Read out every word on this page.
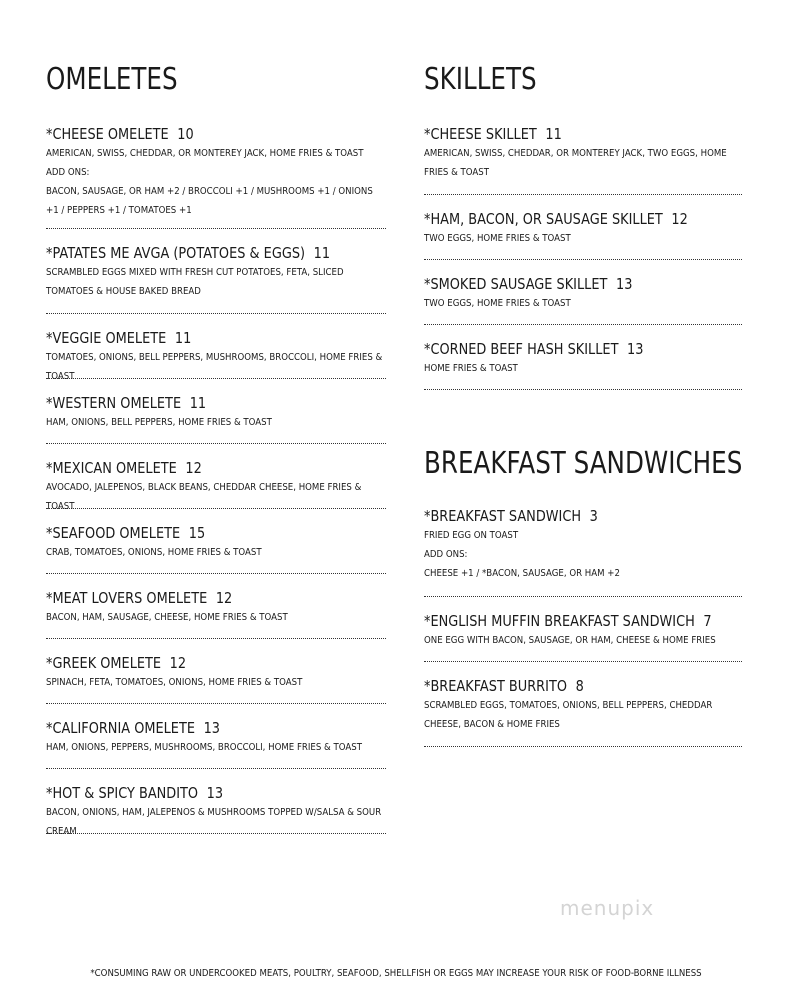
OMELETES
*CHEESE OMELETE 10
AMERICAN, SWISS, CHEDDAR, OR MONTEREY JACK, HOME FRIES & TOAST
ADD ONS:
BACON, SAUSAGE, OR HAM +2 / BROCCOLI +1 / MUSHROOMS +1 / ONIONS +1 / PEPPERS +1 / TOMATOES +1
*PATATES ME AVGA (POTATOES & EGGS) 11
SCRAMBLED EGGS MIXED WITH FRESH CUT POTATOES, FETA, SLICED TOMATOES & HOUSE BAKED BREAD
*VEGGIE OMELETE 11
TOMATOES, ONIONS, BELL PEPPERS, MUSHROOMS, BROCCOLI, HOME FRIES & TOAST
*WESTERN OMELETE 11
HAM, ONIONS, BELL PEPPERS, HOME FRIES & TOAST
*MEXICAN OMELETE 12
AVOCADO, JALEPENOS, BLACK BEANS, CHEDDAR CHEESE, HOME FRIES & TOAST
*SEAFOOD OMELETE 15
CRAB, TOMATOES, ONIONS, HOME FRIES & TOAST
*MEAT LOVERS OMELETE 12
BACON, HAM, SAUSAGE, CHEESE, HOME FRIES & TOAST
*GREEK OMELETE 12
SPINACH, FETA, TOMATOES, ONIONS, HOME FRIES & TOAST
*CALIFORNIA OMELETE 13
HAM, ONIONS, PEPPERS, MUSHROOMS, BROCCOLI, HOME FRIES & TOAST
*HOT & SPICY BANDITO 13
BACON, ONIONS, HAM, JALEPENOS & MUSHROOMS TOPPED W/SALSA & SOUR CREAM
SKILLETS
*CHEESE SKILLET 11
AMERICAN, SWISS, CHEDDAR, OR MONTEREY JACK, TWO EGGS, HOME FRIES & TOAST
*HAM, BACON, OR SAUSAGE SKILLET 12
TWO EGGS, HOME FRIES & TOAST
*SMOKED SAUSAGE SKILLET 13
TWO EGGS, HOME FRIES & TOAST
*CORNED BEEF HASH SKILLET 13
HOME FRIES & TOAST
BREAKFAST SANDWICHES
*BREAKFAST SANDWICH 3
FRIED EGG ON TOAST
ADD ONS:
CHEESE +1 / *BACON, SAUSAGE, OR HAM +2
*ENGLISH MUFFIN BREAKFAST SANDWICH 7
ONE EGG WITH BACON, SAUSAGE, OR HAM, CHEESE & HOME FRIES
*BREAKFAST BURRITO 8
SCRAMBLED EGGS, TOMATOES, ONIONS, BELL PEPPERS, CHEDDAR CHEESE, BACON & HOME FRIES
menupix
*CONSUMING RAW OR UNDERCOOKED MEATS, POULTRY, SEAFOOD, SHELLFISH OR EGGS MAY INCREASE YOUR RISK OF FOOD-BORNE ILLNESS
